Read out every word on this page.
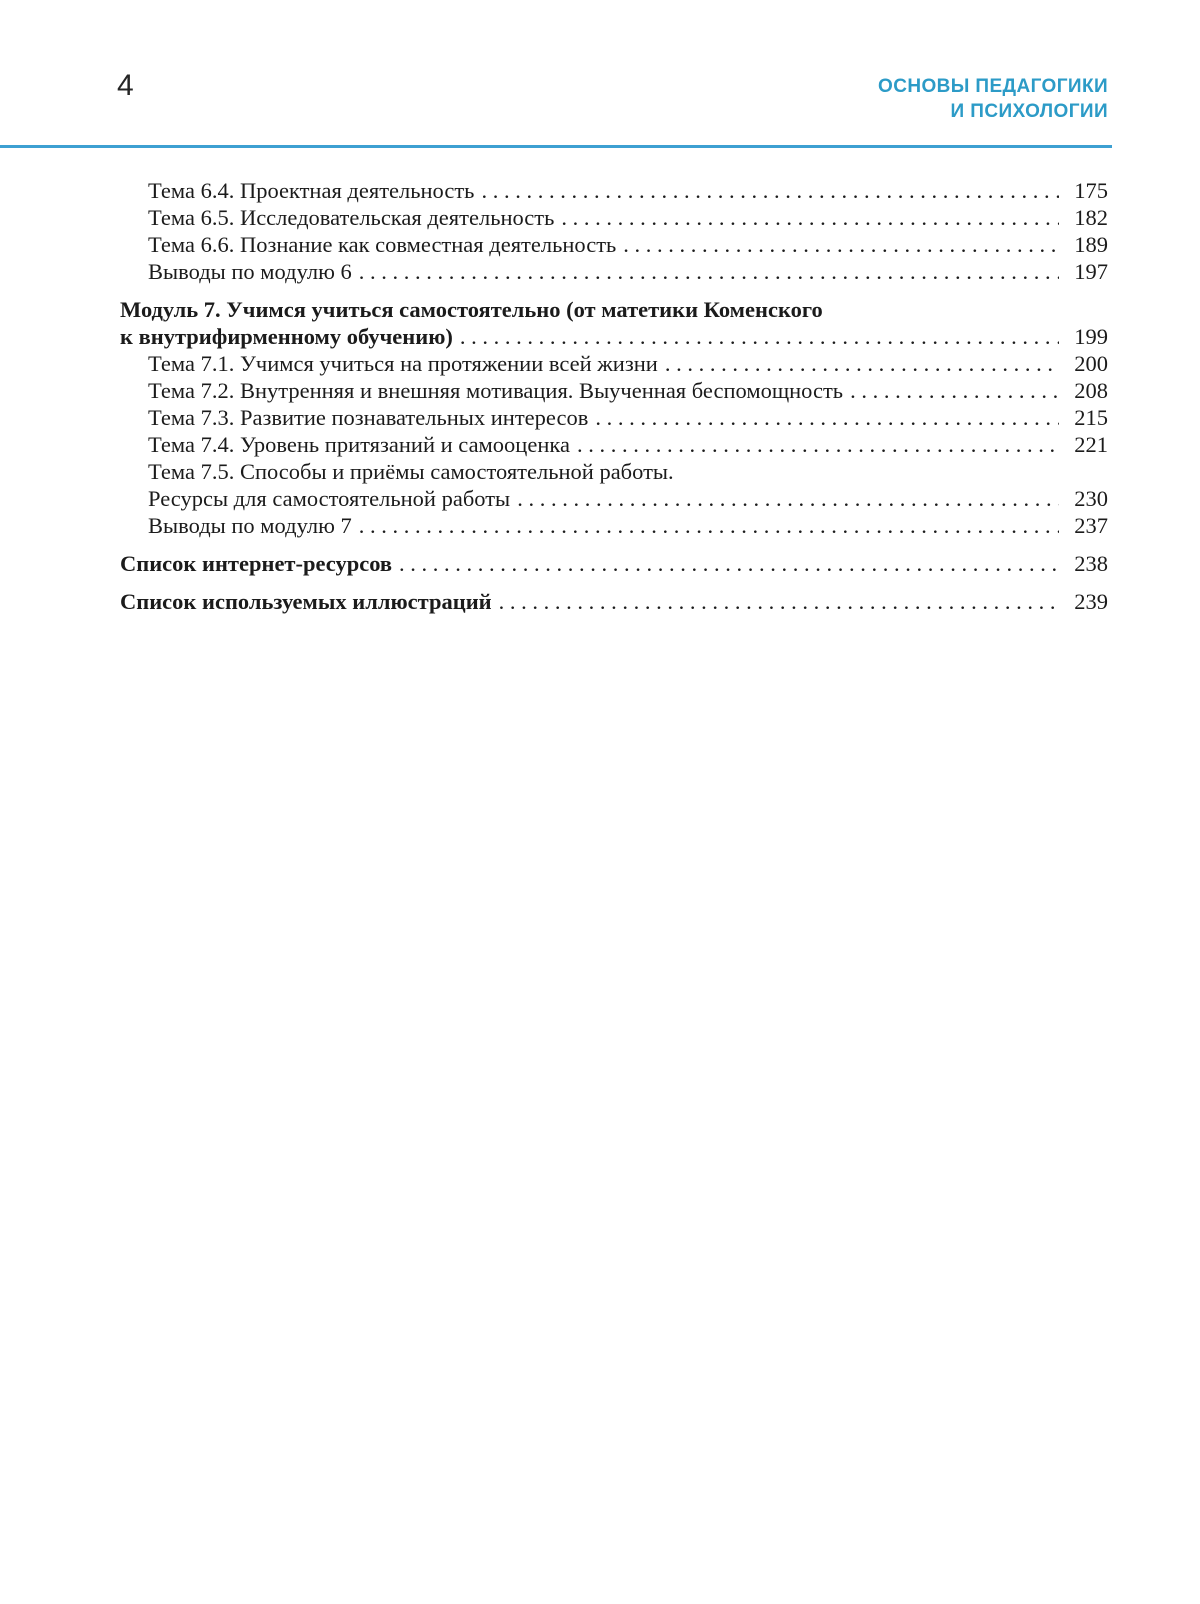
4	ОСНОВЫ ПЕДАГОГИКИ
И ПСИХОЛОГИИ
Тема 6.4. Проектная деятельность . . .	175
Тема 6.5. Исследовательская деятельность . . .	182
Тема 6.6. Познание как совместная деятельность . . .	189
Выводы по модулю 6 . . .	197
Модуль 7. Учимся учиться самостоятельно (от матетики Коменского
к внутрифирменному обучению) . . .	199
Тема 7.1. Учимся учиться на протяжении всей жизни . . .	200
Тема 7.2. Внутренняя и внешняя мотивация. Выученная беспомощность . . .	208
Тема 7.3. Развитие познавательных интересов . . .	215
Тема 7.4. Уровень притязаний и самооценка . . .	221
Тема 7.5. Способы и приёмы самостоятельной работы.
Ресурсы для самостоятельной работы . . .	230
Выводы по модулю 7 . . .	237
Список интернет-ресурсов . . .	238
Список используемых иллюстраций . . .	239
